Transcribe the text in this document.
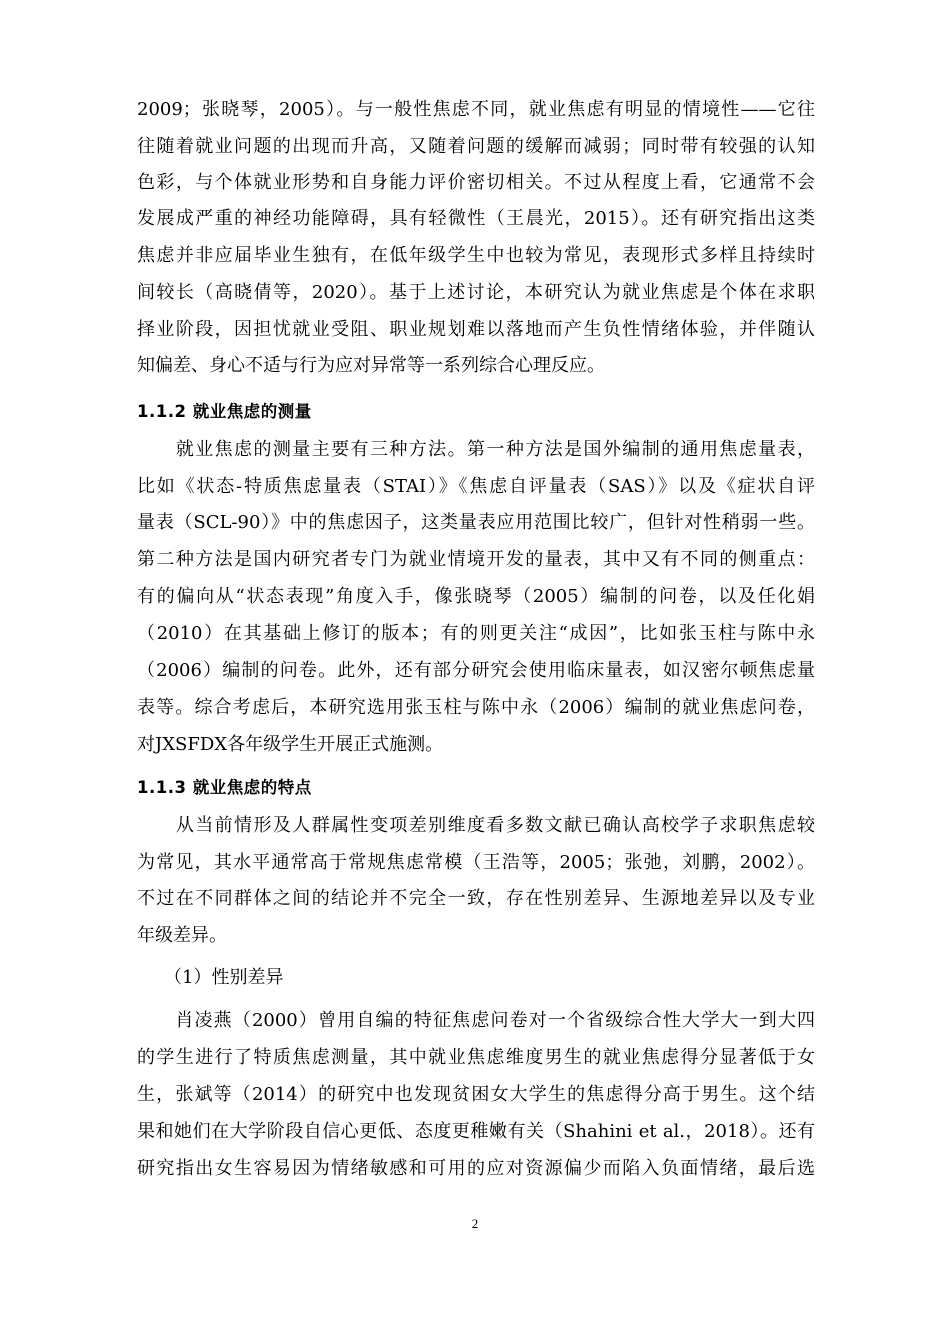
2009；张晓琴，2005）。与一般性焦虑不同，就业焦虑有明显的情境性——它往
往随着就业问题的出现而升高，又随着问题的缓解而减弱；同时带有较强的认知
色彩，与个体就业形势和自身能力评价密切相关。不过从程度上看，它通常不会
发展成严重的神经功能障碍，具有轻微性（王晨光，2015）。还有研究指出这类
焦虑并非应届毕业生独有，在低年级学生中也较为常见，表现形式多样且持续时
间较长（高晓倩等，2020）。基于上述讨论，本研究认为就业焦虑是个体在求职
择业阶段，因担忧就业受阻、职业规划难以落地而产生负性情绪体验，并伴随认
知偏差、身心不适与行为应对异常等一系列综合心理反应。
1.1.2 就业焦虑的测量
　　就业焦虑的测量主要有三种方法。第一种方法是国外编制的通用焦虑量表，
比如《状态-特质焦虑量表（STAI）》《焦虑自评量表（SAS）》以及《症状自评
量表（SCL-90）》中的焦虑因子，这类量表应用范围比较广，但针对性稍弱一些。
第二种方法是国内研究者专门为就业情境开发的量表，其中又有不同的侧重点：
有的偏向从“状态表现”角度入手，像张晓琴（2005）编制的问卷，以及任化娟
（2010）在其基础上修订的版本；有的则更关注“成因”，比如张玉柱与陈中永
（2006）编制的问卷。此外，还有部分研究会使用临床量表，如汉密尔顿焦虑量
表等。综合考虑后，本研究选用张玉柱与陈中永（2006）编制的就业焦虑问卷，
对JXSFDX各年级学生开展正式施测。
1.1.3 就业焦虑的特点
　　从当前情形及人群属性变项差别维度看多数文献已确认高校学子求职焦虑较
为常见，其水平通常高于常规焦虑常模（王浩等，2005；张弛，刘鹏，2002）。
不过在不同群体之间的结论并不完全一致，存在性别差异、生源地差异以及专业
年级差异。
　　（1）性别差异
　　肖凌燕（2000）曾用自编的特征焦虑问卷对一个省级综合性大学大一到大四
的学生进行了特质焦虑测量，其中就业焦虑维度男生的就业焦虑得分显著低于女
生，张斌等（2014）的研究中也发现贫困女大学生的焦虑得分高于男生。这个结
果和她们在大学阶段自信心更低、态度更稚嫩有关（Shahini et al.，2018）。还有
研究指出女生容易因为情绪敏感和可用的应对资源偏少而陷入负面情绪，最后选
2
